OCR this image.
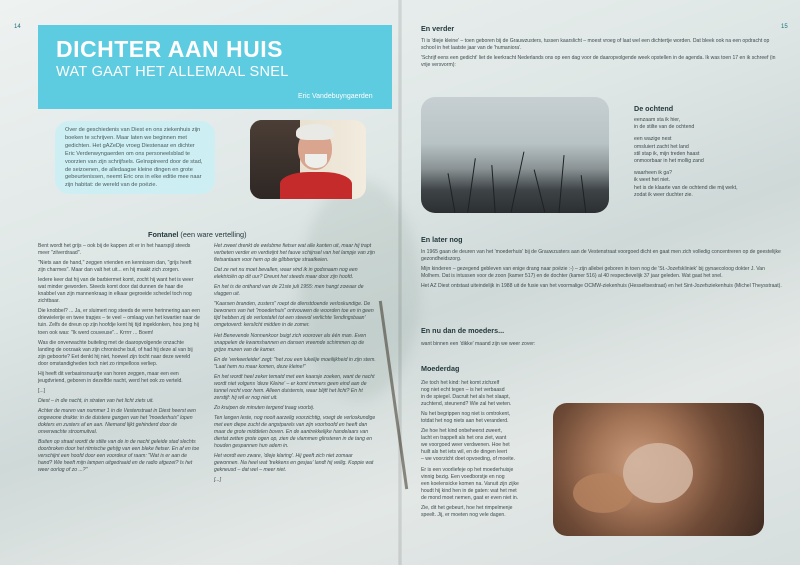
14	15
DICHTER AAN HUIS
WAT GAAT HET ALLEMAAL SNEL
Eric Vandebuyngaerden
Over de geschiedenis van Diest en ons ziekenhuis zijn boeken te schrijven. Maar laten we beginnen met gedichten. Het gAZeDje vroeg Diestenaar en dichter Eric Verdenwyngaerden om ons personeelsblad te voorzien van zijn schrijfsels. Geïnspireerd door de stad, de seizoenen, de alledaagse kleine dingen en grote gebeurtenissen, neemt Eric ons in elke editie mee naar zijn habitat: de wereld van de poëzie.
Fontanel (een ware vertelling)

Bent wordt het grijs – ook bij de kappen zit er in het haarspijl steeds meer "zilverdraad".

"Niets aan de hand," zeggen vrienden en kennissen dan, "grijs heeft zijn charmes". Maar dan valt het uit... en hij maakt zich zorgen.

Iedere keer dat hij van de barbiermet komt, zocht hij want het is weer wat minder geworden. Steeds komt door dat dunnen de haar die knabbel van zijn mannenkraag in elkaar gegroeide schedel toch nog zichtbaar.

Die knobbel? ... Ja, er sluimert nog steeds de verre herinnering aan een driewielerije en twee trapjes – te veel – omlaag van het kwartier naar de tuin. Zelfs de dreun op zijn hoofdje kent hij tijd ingeklonken, hou jong hij toen ook was: "Ik werd couveuse"... Krrrrr ... Boem!

Was die onverwachte buiteling met de daaropvolgende onzachte landing de oorzaak van zijn chronische buil, of had hij deze al van bij zijn geboorte? Eet denkt hij niet, hoewel zijn tocht naar deze wereld door omstandigheden toch niet zo rimpelloos verliep.

Hij heeft dit verbasinsnuurtje van horen zeggen, maar een een jeugdvriend, geboren in dezelfde nacht, werd het ook zo verteld.

[...]

Diest – in die nacht, in straten van het licht ziets uit.

Achter de muren van nummer 1 in de Vestenstraat in Diest heerst een ongewone drukte: in de duistere gangen van het "moederhuis" lopen dokters en zusters af en aan. Niemand lijkt gehinderd door de onverwachte stroomuitval.

Buiten op straat wordt de stilte van de in de nacht geleide stad slechts doorbroken door het ritmische gehijg van een bleke fietser. En af en toe verschijnt een hoofd door een voordeur of raam: "Wat is er aan de hand? Wie heeft mijn lampen uitgedraaid en de radio afgezet? Is het weer oorlog of zo ...?"

Het zweet drenkt de ewlubme fietser wat alle kanten uit, maar hij trapt verbeten verder en verdwijnt het fauve schijnsel van het lampje van zijn fietsantaam voor hem op de glibberige straatkeien.

Dat ze net nu moet bevallen, waar vind ik in godsnaam nog een elektriciën op dit uur? Dreunt het steeds maar door zijn hoofd.

En het is de onthand van de 21ste juli 1955: men hangt zowaar de vlaggen uit.

"Kaarsen branden, zusters" roept de dienstdoende verloskundige. De bewoners van het "moederhuis" ontvouwen de woorden toe en in geen tijd hebben zij de verlostafel tot een steevol verlichte 'lendingsbaan' omgetoverd: kerslicht midden in de zomer.

Het Benevende Nonnenkoor buigt zich voorover als één man. Even snappelen de kwamshannen en dansen vreemde schimmen op de grijze muren van de kamer.

En de 'verkeerleider' zegt: "het zou een lukelije moeilijkheid in zijn stem. "Laat hem nu maar komen, deze kleine!"

En het wordt heel zeker tematd met een kaarsje zoeken, want de nacht wordt niet volgens 'deze Kleine' – er komt immers geen eind aan de tunnel recht voor hem. Alleen duisternis, waar blijft het licht? En ht zerstijf: hij wil er nog niet uit.

Zo kruipen de minuten tergend traag voorbij.

Ten langen leste, nog nooit aarzelig voorzichtig, voegt de verloskundige met een diepe zucht de angstparels van zijn voorhoofd en heeft dan maar de grote middelen boven. En de aantrekkelijke handelaars van diertat zetten grote ogen op, zien de vlammen glinsteren in de tang en houden gespannen hun adem in.

Het wordt een zware, 'dieje klaring'. Hij geeft zich niet zomaar gewonnen. Na heel wat 'trekkens en gesjau' landt hij veilig. Koppie wat gekneusd – dat wel – meer niet.

[...]

En verder

Ti is 'dieje kleine' – toen geboren bij de Grauwzusters, tussen kaarslicht – moest vroeg of laat wel een dichtertje worden. Dat bleek ook na een opdracht op school in het laatste jaar van de 'humaniora'.

'Schrijf eens een gedicht' liet de leerkracht Nederlands ons op een dag voor de daaropvolgende week opstellen in de agenda. Ik was toen 17 en ik schreef (in vrije versvorm):

De ochtend
eenzaam sta ik hier,
in de stilte van de ochtend
een wazige nest
omsluiert zacht het land
stil stap ik, mijn treden haast
onmoorbaar in het mollig zand
waarheen ik ga?
ik weet het niet.
het is de klaarte van de ochtend die mij wekt,
zodat ik weer duchter zie.
En later nog

In 1965 gaan de deuren van het 'moederhuis' bij de Grauwzusters aan de Vestenstraat voorgoed dicht en gaat men zich volledig concentreren op de geestelijke gezondheidszorg.

Mijn kinderen – gezegend gebleven van enige drang naar poëzie :-) – zijn allebei geboren in toen nog de 'St.-Jozefskliniek' bij gynaecoloog dokter J. Van Molhem. Dat is intussen voor de zoon (kamer 517) en de dochter (kamer 516) al 40 respectievelijk 37 jaar geleden. Wat gaat het snel.

Het AZ Diest ontstaat uiteindelijk in 1988 uit de fusie van het voormalige OCMW-ziekenhuis (Hesseltsestraat) en het Sint-Jozefsziekenhuis (Michel Theysstraat).

En nu dan de moeders...
want binnen een 'dikke' maand zijn we weer zover:
Moederdag
Zie toch het kind: het komt zichzelf
nog niet echt tegen – is het verbaasd
in de spiegel. Dacruit het als het slaapt,
zuchtend, steunend? Wie zal het weten.
Nu het begrippen nog niet is omtrokent,
totdat het nog niets aan het veranderd.
Zie hoe het kind onbeheerst zweert,
lacht en trappelt als het ons ziet, want
we voorgoed weer verdwenen. Hoe het
huilt als het iets wil, en de dingen leert
– we voorzicht doet opvoeding, of moeite.
Er is een voorliefeje op het moederhuisje
vinnig bezig. Een voedborstje en nog
een koelensicke komen na. Vanuit zijn zijke
houdt hij kind hen in de gaten: wat het met
de mond moet nemen, gaat er even niet in.
Zie, dit het gebeurt, hoe het rimpelmenje
speelt. Jij, er moeten nog vele dagen.
